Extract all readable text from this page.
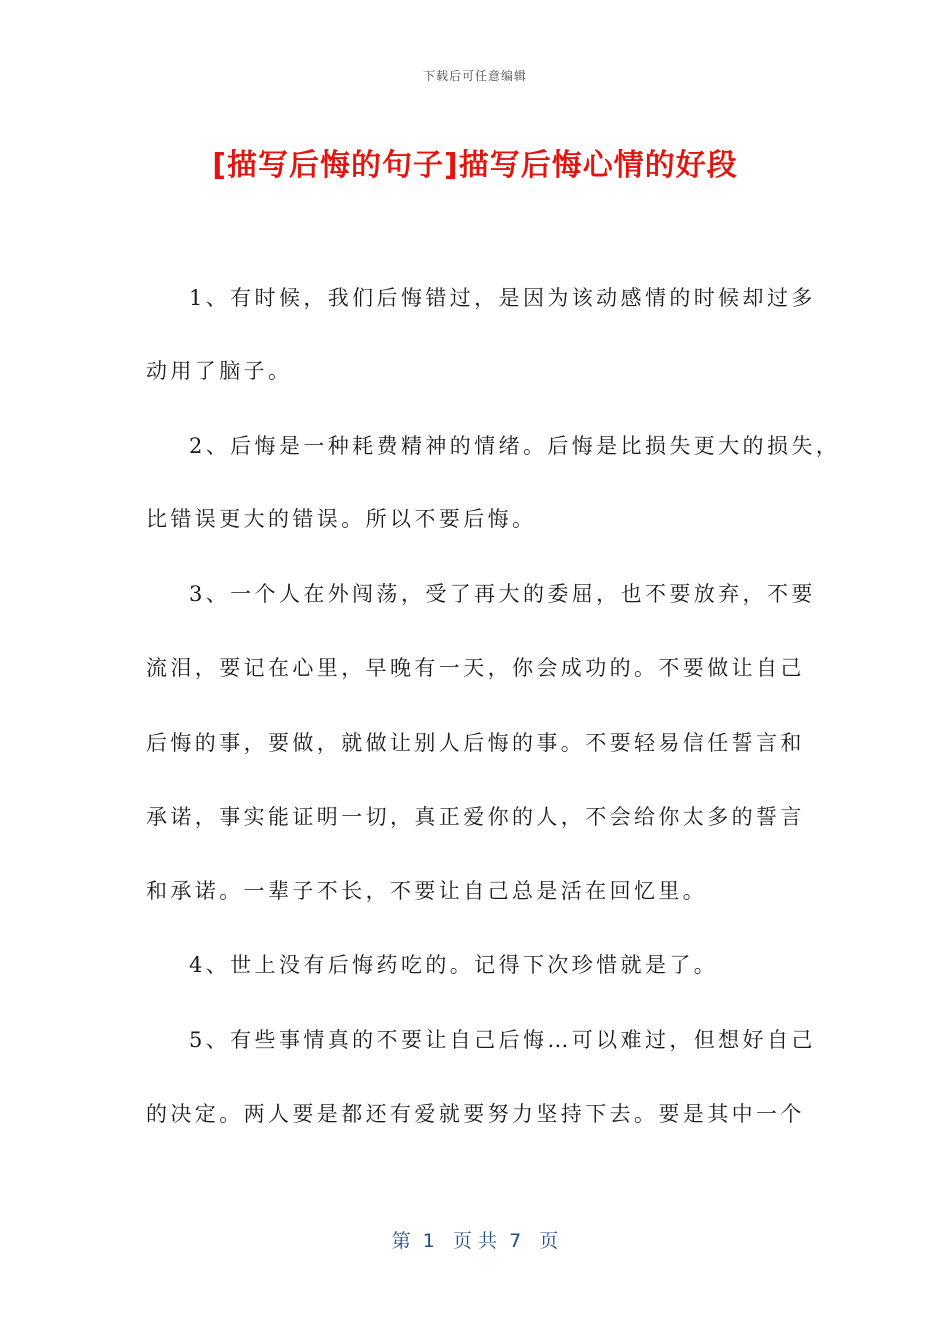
下载后可任意编辑
[描写后悔的句子]描写后悔心情的好段
1、有时候，我们后悔错过，是因为该动感情的时候却过多
动用了脑子。
2、后悔是一种耗费精神的情绪。后悔是比损失更大的损失，
比错误更大的错误。所以不要后悔。
3、一个人在外闯荡，受了再大的委屈，也不要放弃，不要
流泪，要记在心里，早晚有一天，你会成功的。不要做让自己
后悔的事，要做，就做让别人后悔的事。不要轻易信任誓言和
承诺，事实能证明一切，真正爱你的人，不会给你太多的誓言
和承诺。一辈子不长，不要让自己总是活在回忆里。
4、世上没有后悔药吃的。记得下次珍惜就是了。
5、有些事情真的不要让自己后悔…可以难过，但想好自己
的决定。两人要是都还有爱就要努力坚持下去。要是其中一个
第  1   页 共  7   页
